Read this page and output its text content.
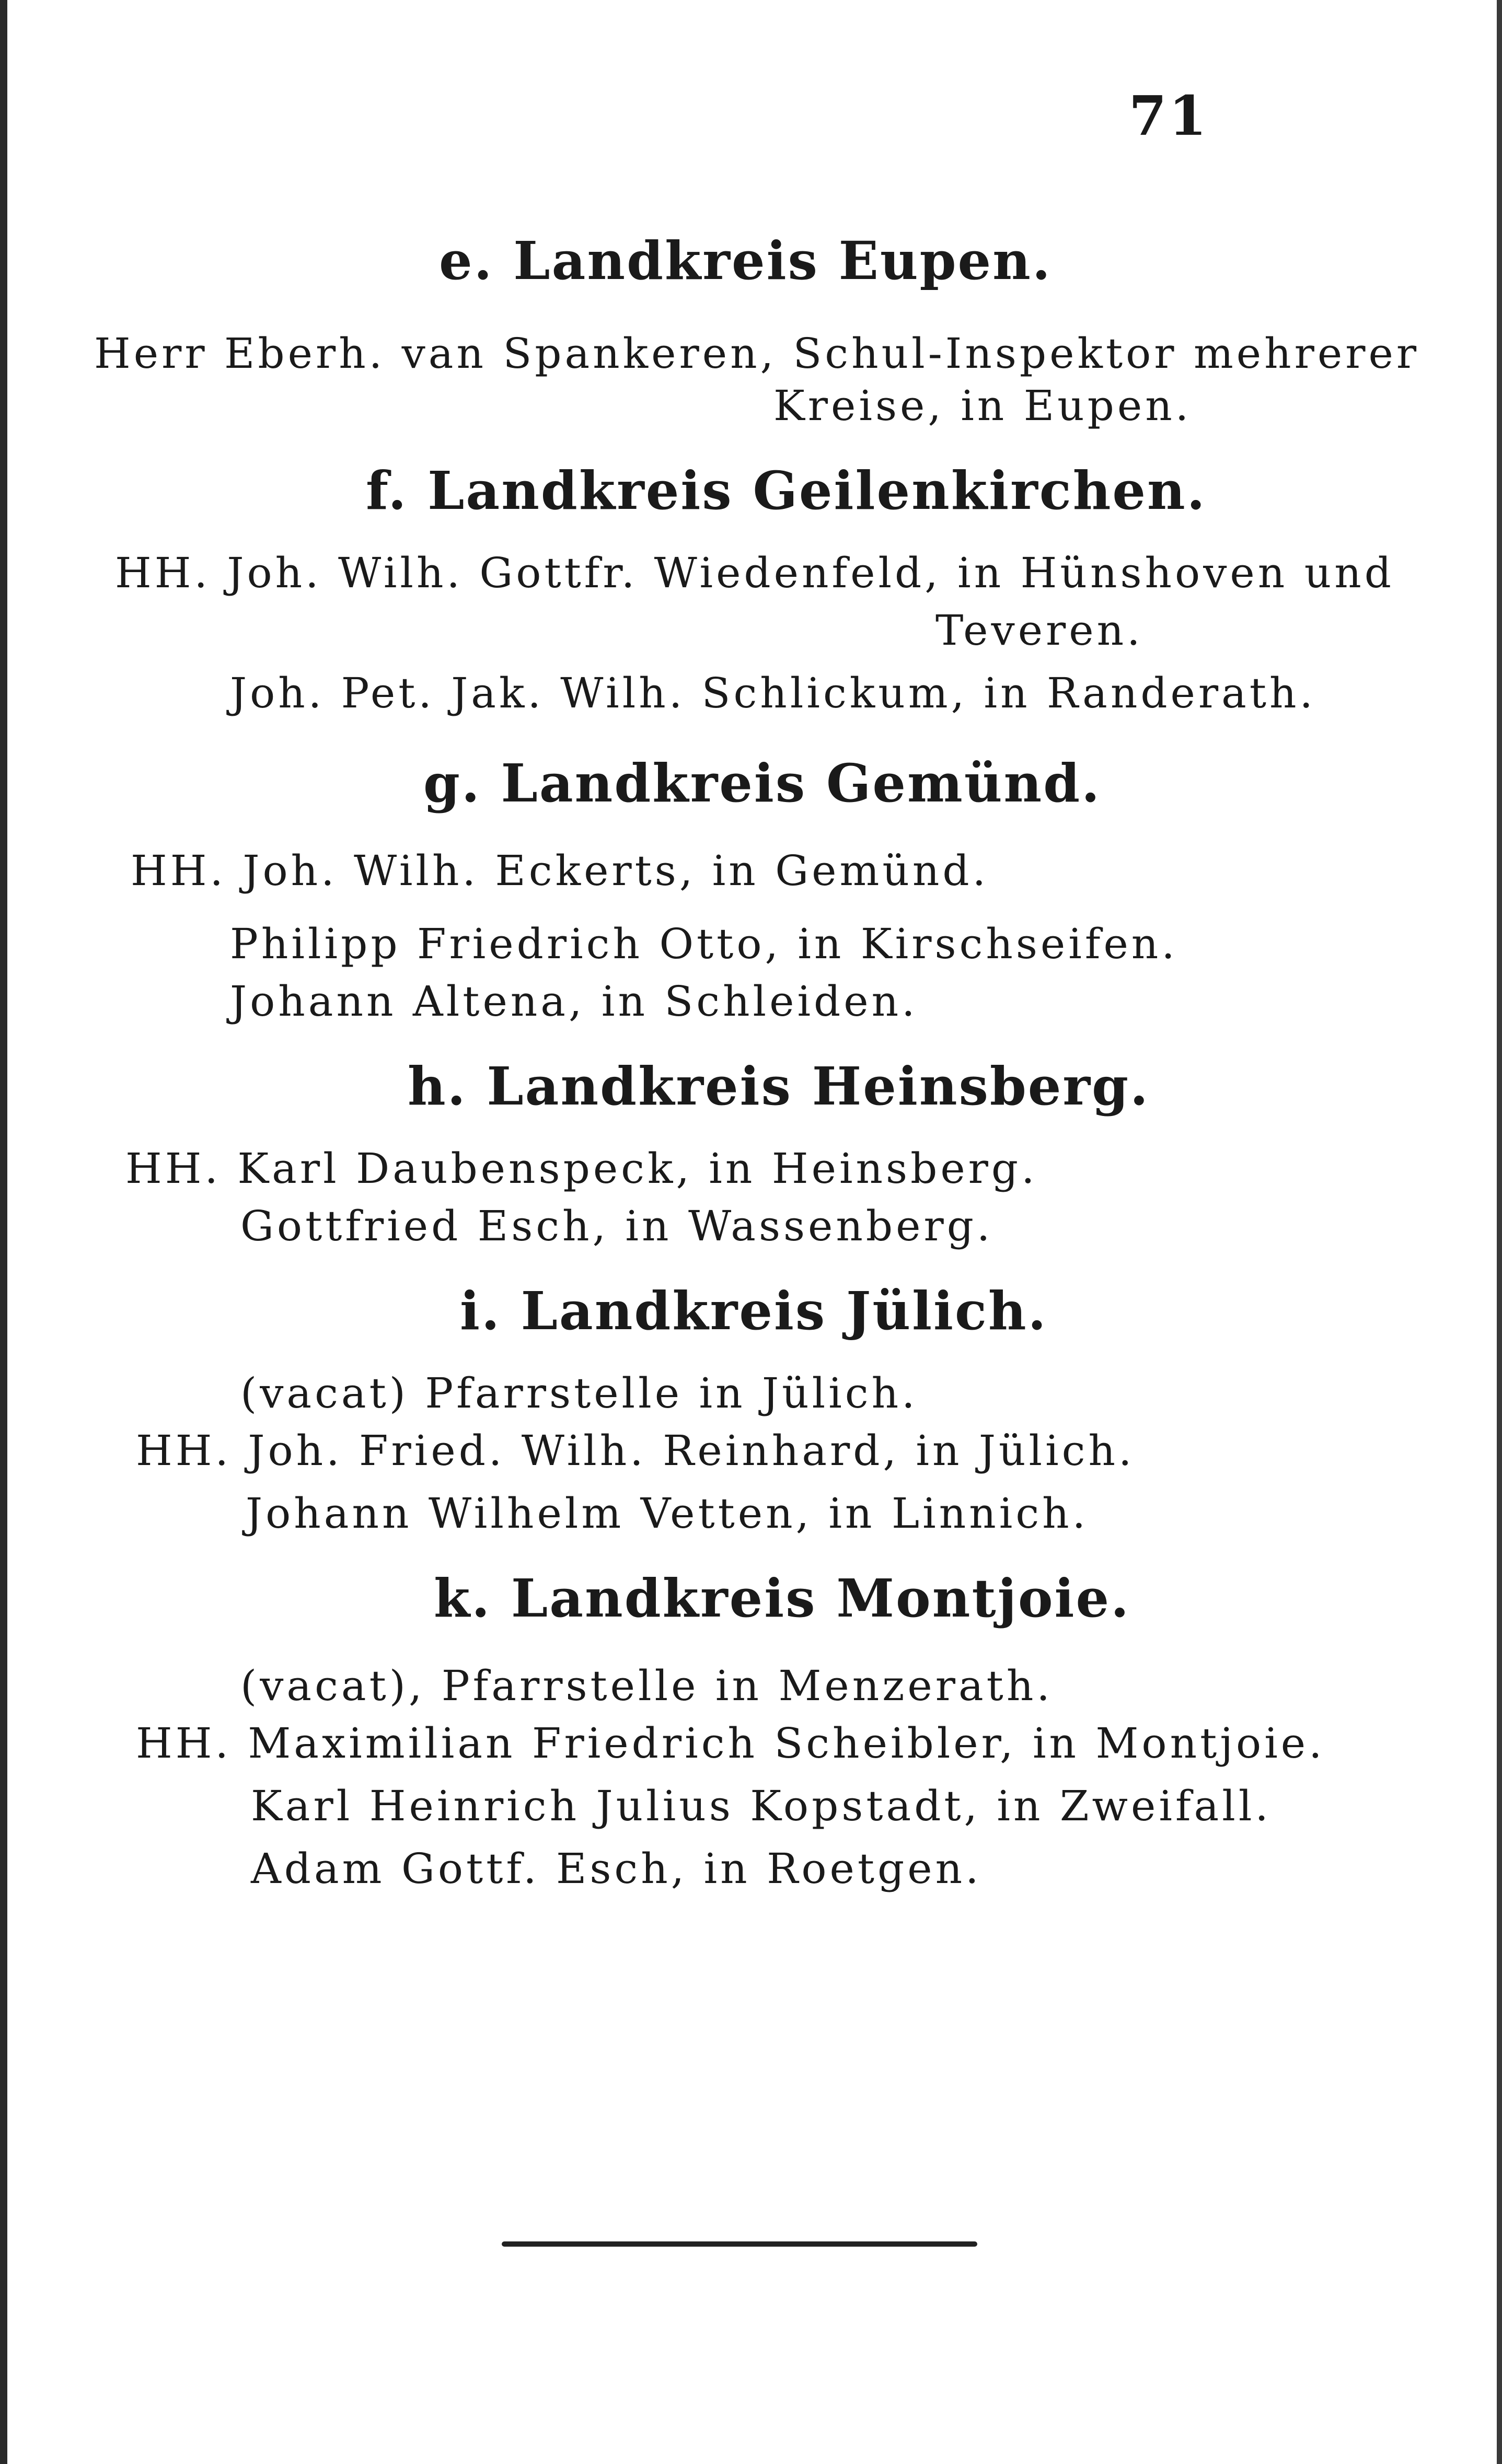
71
e. Landkreis Eupen.
Herr Eberh. van Spankeren, Schul-Inspektor mehrerer
Kreise, in Eupen.
f. Landkreis Geilenkirchen.
HH. Joh. Wilh. Gottfr. Wiedenfeld, in Hünshoven und
Teveren.
Joh. Pet. Jak. Wilh. Schlickum, in Randerath.
g. Landkreis Gemünd.
HH. Joh. Wilh. Eckerts, in Gemünd.
Philipp Friedrich Otto, in Kirschseifen.
Johann Altena, in Schleiden.
h. Landkreis Heinsberg.
HH. Karl Daubenspeck, in Heinsberg.
Gottfried Esch, in Wassenberg.
i. Landkreis Jülich.
(vacat) Pfarrstelle in Jülich.
HH. Joh. Fried. Wilh. Reinhard, in Jülich.
Johann Wilhelm Vetten, in Linnich.
k. Landkreis Montjoie.
(vacat), Pfarrstelle in Menzerath.
HH. Maximilian Friedrich Scheibler, in Montjoie.
Karl Heinrich Julius Kopstadt, in Zweifall.
Adam Gottf. Esch, in Roetgen.
